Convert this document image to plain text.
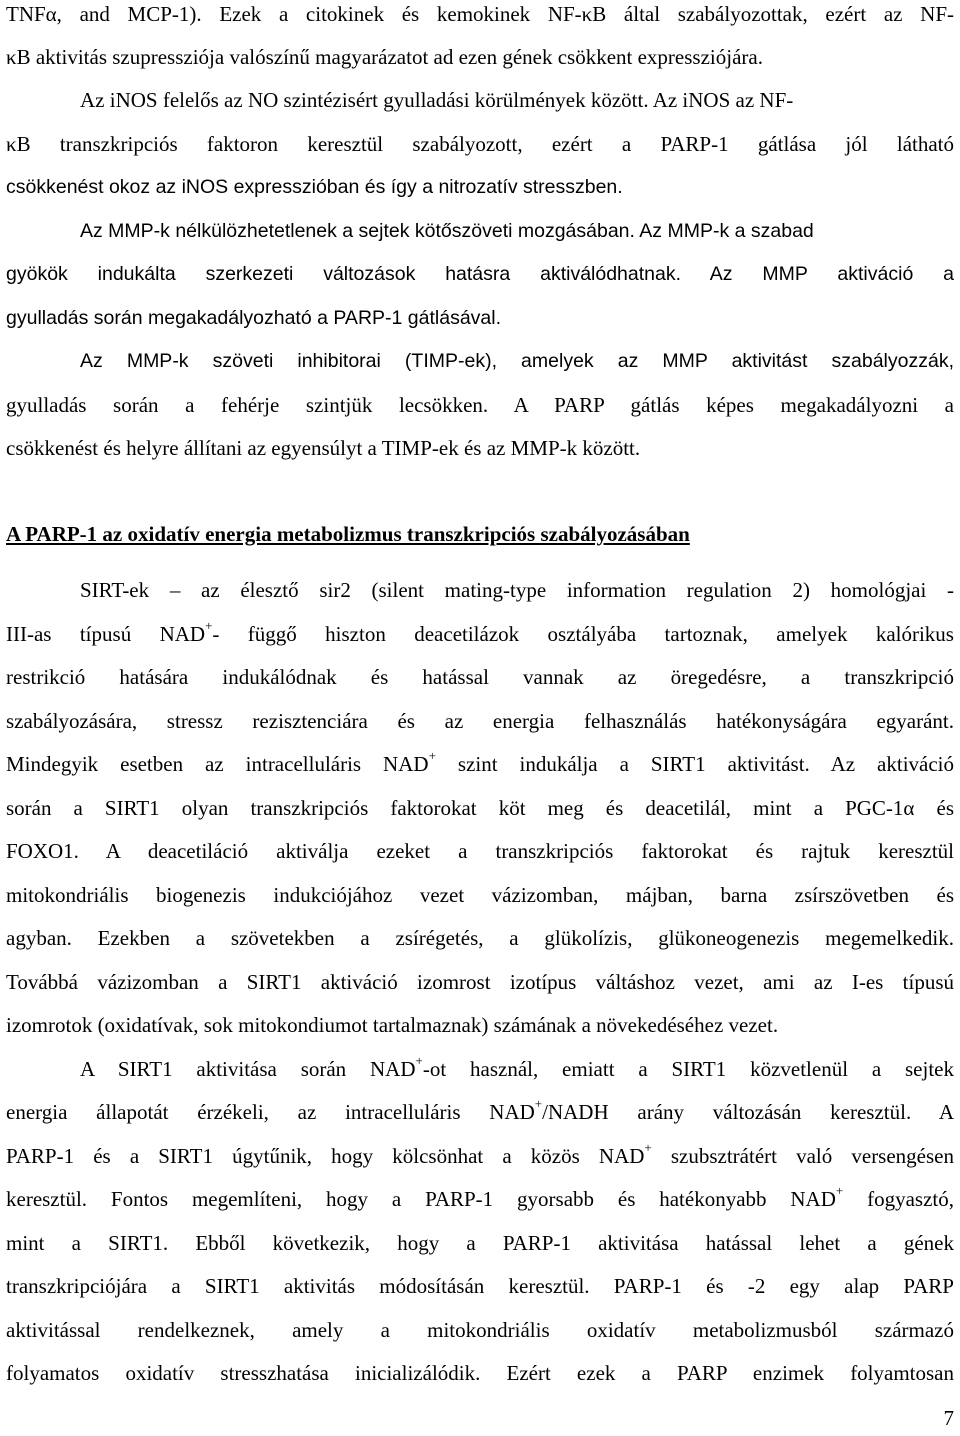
TNFα, and MCP-1). Ezek a citokinek és kemokinek NF-κB által szabályozottak, ezért az NF-
κB aktivitás szupressziója valószínű magyarázatot ad ezen gének csökkent expressziójára.
Az iNOS felelős az NO szintézisért gyulladási körülmények között. Az iNOS az NF-
κB transzkripciós faktoron keresztül szabályozott, ezért a PARP-1 gátlása jól látható
csökkenést okoz az iNOS expresszióban és így a nitrozatív stresszben.
Az MMP-k nélkülözhetetlenek a sejtek kötőszöveti mozgásában. Az MMP-k a szabad
gyökök indukálta szerkezeti változások hatásra aktiválódhatnak. Az MMP aktiváció a
gyulladás során megakadályozható a PARP-1 gátlásával.
Az MMP-k szöveti inhibitorai (TIMP-ek), amelyek az MMP aktivitást szabályozzák,
gyulladás során a fehérje szintjük lecsökken. A PARP gátlás képes megakadályozni a
csökkenést és helyre állítani az egyensúlyt a TIMP-ek és az MMP-k között.
A PARP-1 az oxidatív energia metabolizmus transzkripciós szabályozásában
SIRT-ek – az élesztő sir2 (silent mating-type information regulation 2) homológjai -
III-as típusú NAD+- függő hiszton deacetilázok osztályába tartoznak, amelyek kalórikus
restrikció hatására indukálódnak és hatással vannak az öregedésre, a transzkripció
szabályozására, stressz rezisztenciára és az energia felhasználás hatékonyságára egyaránt.
Mindegyik esetben az intracelluláris NAD+ szint indukálja a SIRT1 aktivitást. Az aktiváció
során a SIRT1 olyan transzkripciós faktorokat köt meg és deacetilál, mint a PGC-1α és
FOXO1. A deacetiláció aktiválja ezeket a transzkripciós faktorokat és rajtuk keresztül
mitokondriális biogenezis indukciójához vezet vázizomban, májban, barna zsírszövetben és
agyban. Ezekben a szövetekben a zsírégetés, a glükolízis, glükoneogenezis megemelkedik.
Továbbá vázizomban a SIRT1 aktiváció izomrost izotípus váltáshoz vezet, ami az I-es típusú
izomrotok (oxidatívak, sok mitokondiumot tartalmaznak) számának a növekedéséhez vezet.
A SIRT1 aktivitása során NAD+-ot használ, emiatt a SIRT1 közvetlenül a sejtek
energia állapotát érzékeli, az intracelluláris NAD+/NADH arány változásán keresztül. A
PARP-1 és a SIRT1 úgytűnik, hogy kölcsönhat a közös NAD+ szubsztrátért való versengésen
keresztül. Fontos megemlíteni, hogy a PARP-1 gyorsabb és hatékonyabb NAD+ fogyasztó,
mint a SIRT1. Ebből következik, hogy a PARP-1 aktivitása hatással lehet a gének
transzkripciójára a SIRT1 aktivitás módosításán keresztül. PARP-1 és -2 egy alap PARP
aktivitással rendelkeznek, amely a mitokondriális oxidatív metabolizmusból származó
folyamatos oxidatív stresszhatása inicializálódik. Ezért ezek a PARP enzimek folyamtosan
7
